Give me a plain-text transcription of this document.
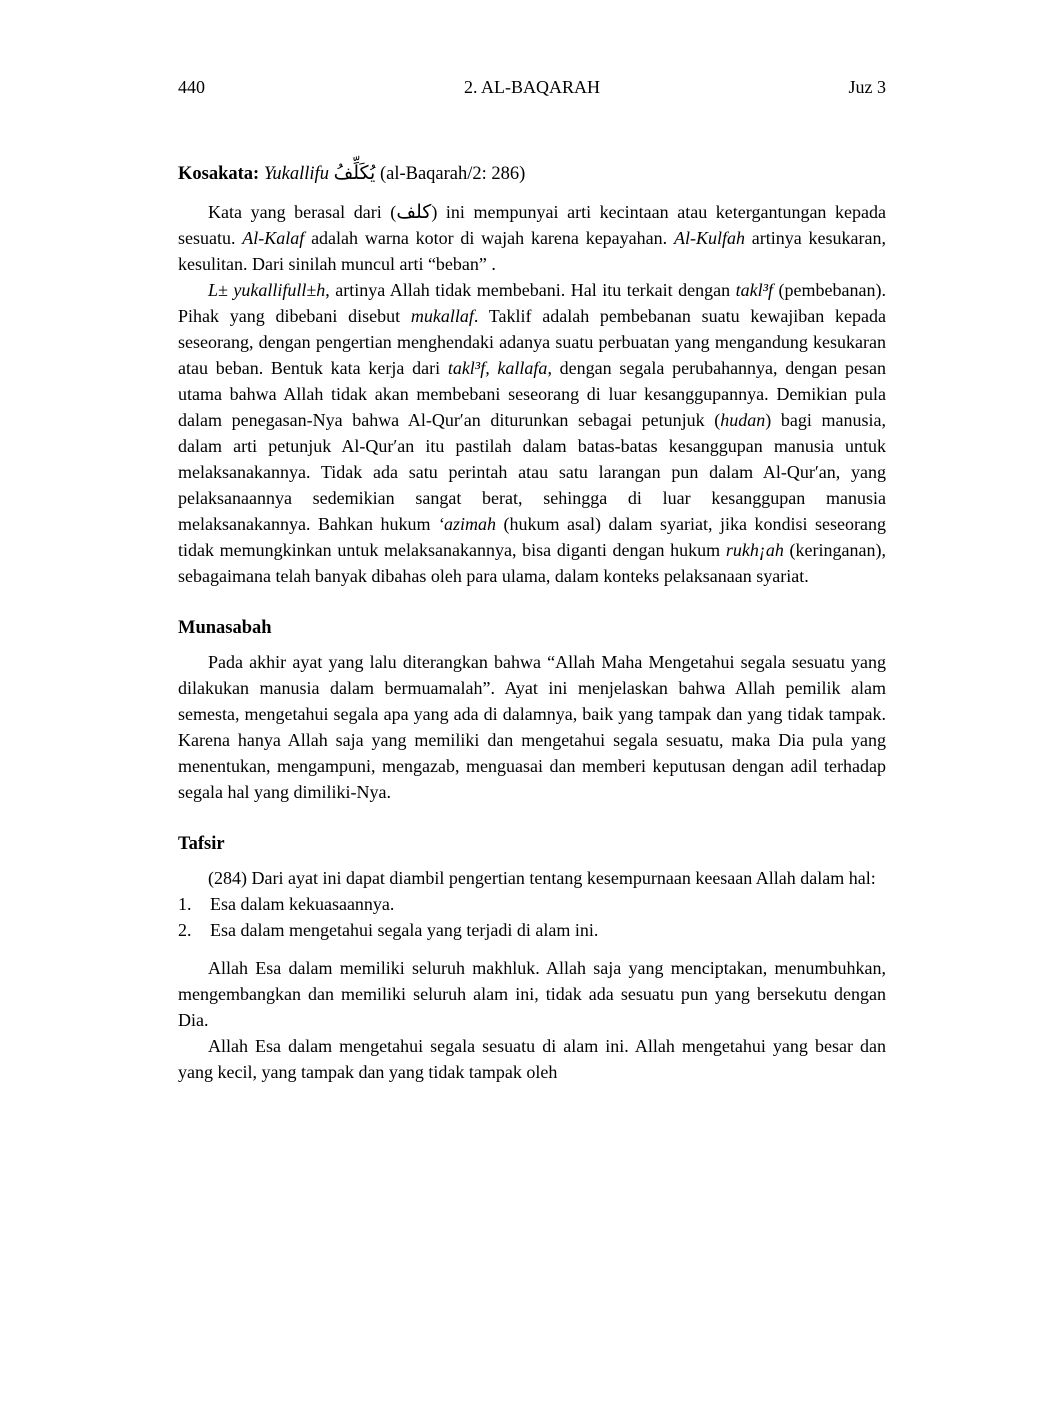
440	2. AL-BAQARAH	Juz 3
Kosakata: Yukallifu يُكَلِّفُ (al-Baqarah/2: 286)

Kata yang berasal dari (كلف) ini mempunyai arti kecintaan atau ketergantungan kepada sesuatu. Al-Kalaf adalah warna kotor di wajah karena kepayahan. Al-Kulfah artinya kesukaran, kesulitan. Dari sinilah muncul arti “beban” .

L± yukallifull±h, artinya Allah tidak membebani. Hal itu terkait dengan takl³f (pembebanan). Pihak yang dibebani disebut mukallaf. Taklif adalah pembebanan suatu kewajiban kepada seseorang, dengan pengertian menghendaki adanya suatu perbuatan yang mengandung kesukaran atau beban. Bentuk kata kerja dari takl³f, kallafa, dengan segala perubahannya, dengan pesan utama bahwa Allah tidak akan membebani seseorang di luar kesanggupannya. Demikian pula dalam penegasan-Nya bahwa Al-Qur′an diturunkan sebagai petunjuk (hudan) bagi manusia, dalam arti petunjuk Al-Qur′an itu pastilah dalam batas-batas kesanggupan manusia untuk melaksanakannya. Tidak ada satu perintah atau satu larangan pun dalam Al-Qur′an, yang pelaksanaannya sedemikian sangat berat, sehingga di luar kesanggupan manusia melaksanakannya. Bahkan hukum ‘azimah (hukum asal) dalam syariat, jika kondisi seseorang tidak memungkinkan untuk melaksanakannya, bisa diganti dengan hukum rukh¡ah (keringanan), sebagaimana telah banyak dibahas oleh para ulama, dalam konteks pelaksanaan syariat.

Munasabah

Pada akhir ayat yang lalu diterangkan bahwa “Allah Maha Mengetahui segala sesuatu yang dilakukan manusia dalam bermuamalah”. Ayat ini menjelaskan bahwa Allah pemilik alam semesta, mengetahui segala apa yang ada di dalamnya, baik yang tampak dan yang tidak tampak. Karena hanya Allah saja yang memiliki dan mengetahui segala sesuatu, maka Dia pula yang menentukan, mengampuni, mengazab, menguasai dan memberi keputusan dengan adil terhadap segala hal yang dimiliki-Nya.

Tafsir

(284) Dari ayat ini dapat diambil pengertian tentang kesempurnaan keesaan Allah dalam hal:

1. Esa dalam kekuasaannya.
2. Esa dalam mengetahui segala yang terjadi di alam ini.

Allah Esa dalam memiliki seluruh makhluk. Allah saja yang menciptakan, menumbuhkan, mengembangkan dan memiliki seluruh alam ini, tidak ada sesuatu pun yang bersekutu dengan Dia.

Allah Esa dalam mengetahui segala sesuatu di alam ini. Allah mengetahui yang besar dan yang kecil, yang tampak dan yang tidak tampak oleh
